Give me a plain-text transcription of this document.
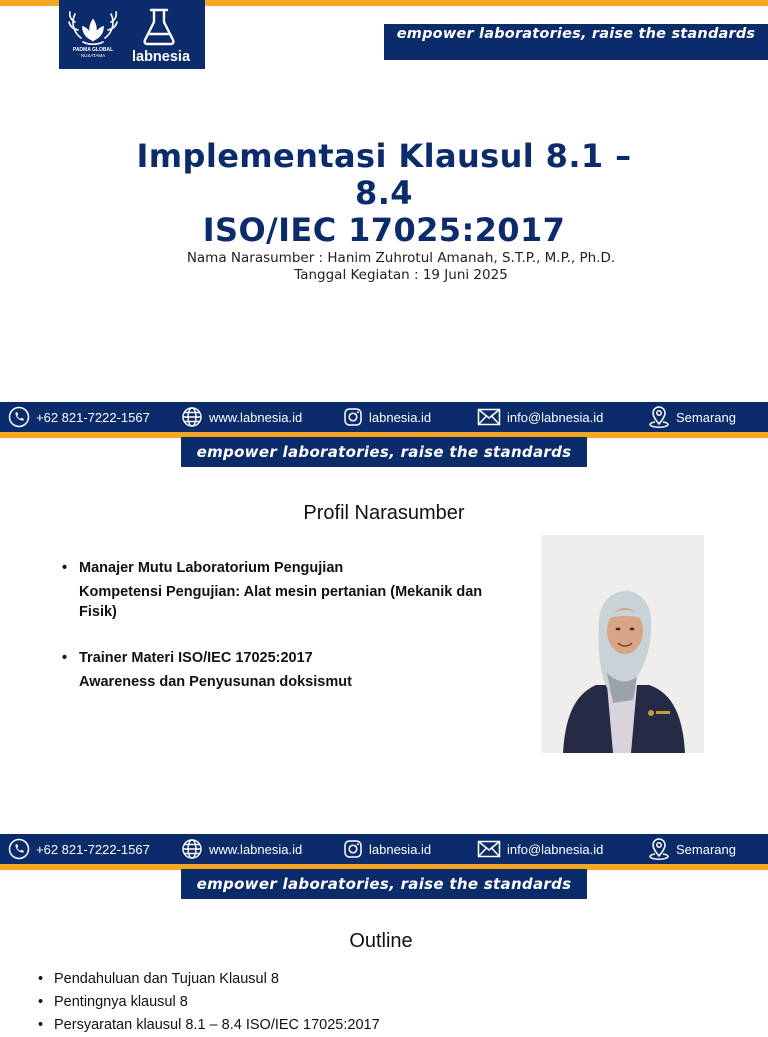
PADMA GLOBAL
NUSATAMA labnesia
empower laboratories, raise the standards
Implementasi Klausul 8.1 –
8.4
ISO/IEC 17025:2017
Nama Narasumber : Hanim Zuhrotul Amanah, S.T.P., M.P., Ph.D.
Tanggal Kegiatan : 19 Juni 2025
+62 821-7222-1567	www.labnesia.id	labnesia.id	info@labnesia.id	Semarang
empower laboratories, raise the standards
Profil Narasumber
• Manajer Mutu Laboratorium Pengujian
Kompetensi Pengujian: Alat mesin pertanian (Mekanik dan Fisik)
• Trainer Materi ISO/IEC 17025:2017
Awareness dan Penyusunan doksismut
+62 821-7222-1567	www.labnesia.id	labnesia.id	info@labnesia.id	Semarang
empower laboratories, raise the standards
Outline
• Pendahuluan dan Tujuan Klausul 8
• Pentingnya klausul 8
• Persyaratan klausul 8.1 – 8.4 ISO/IEC 17025:2017
